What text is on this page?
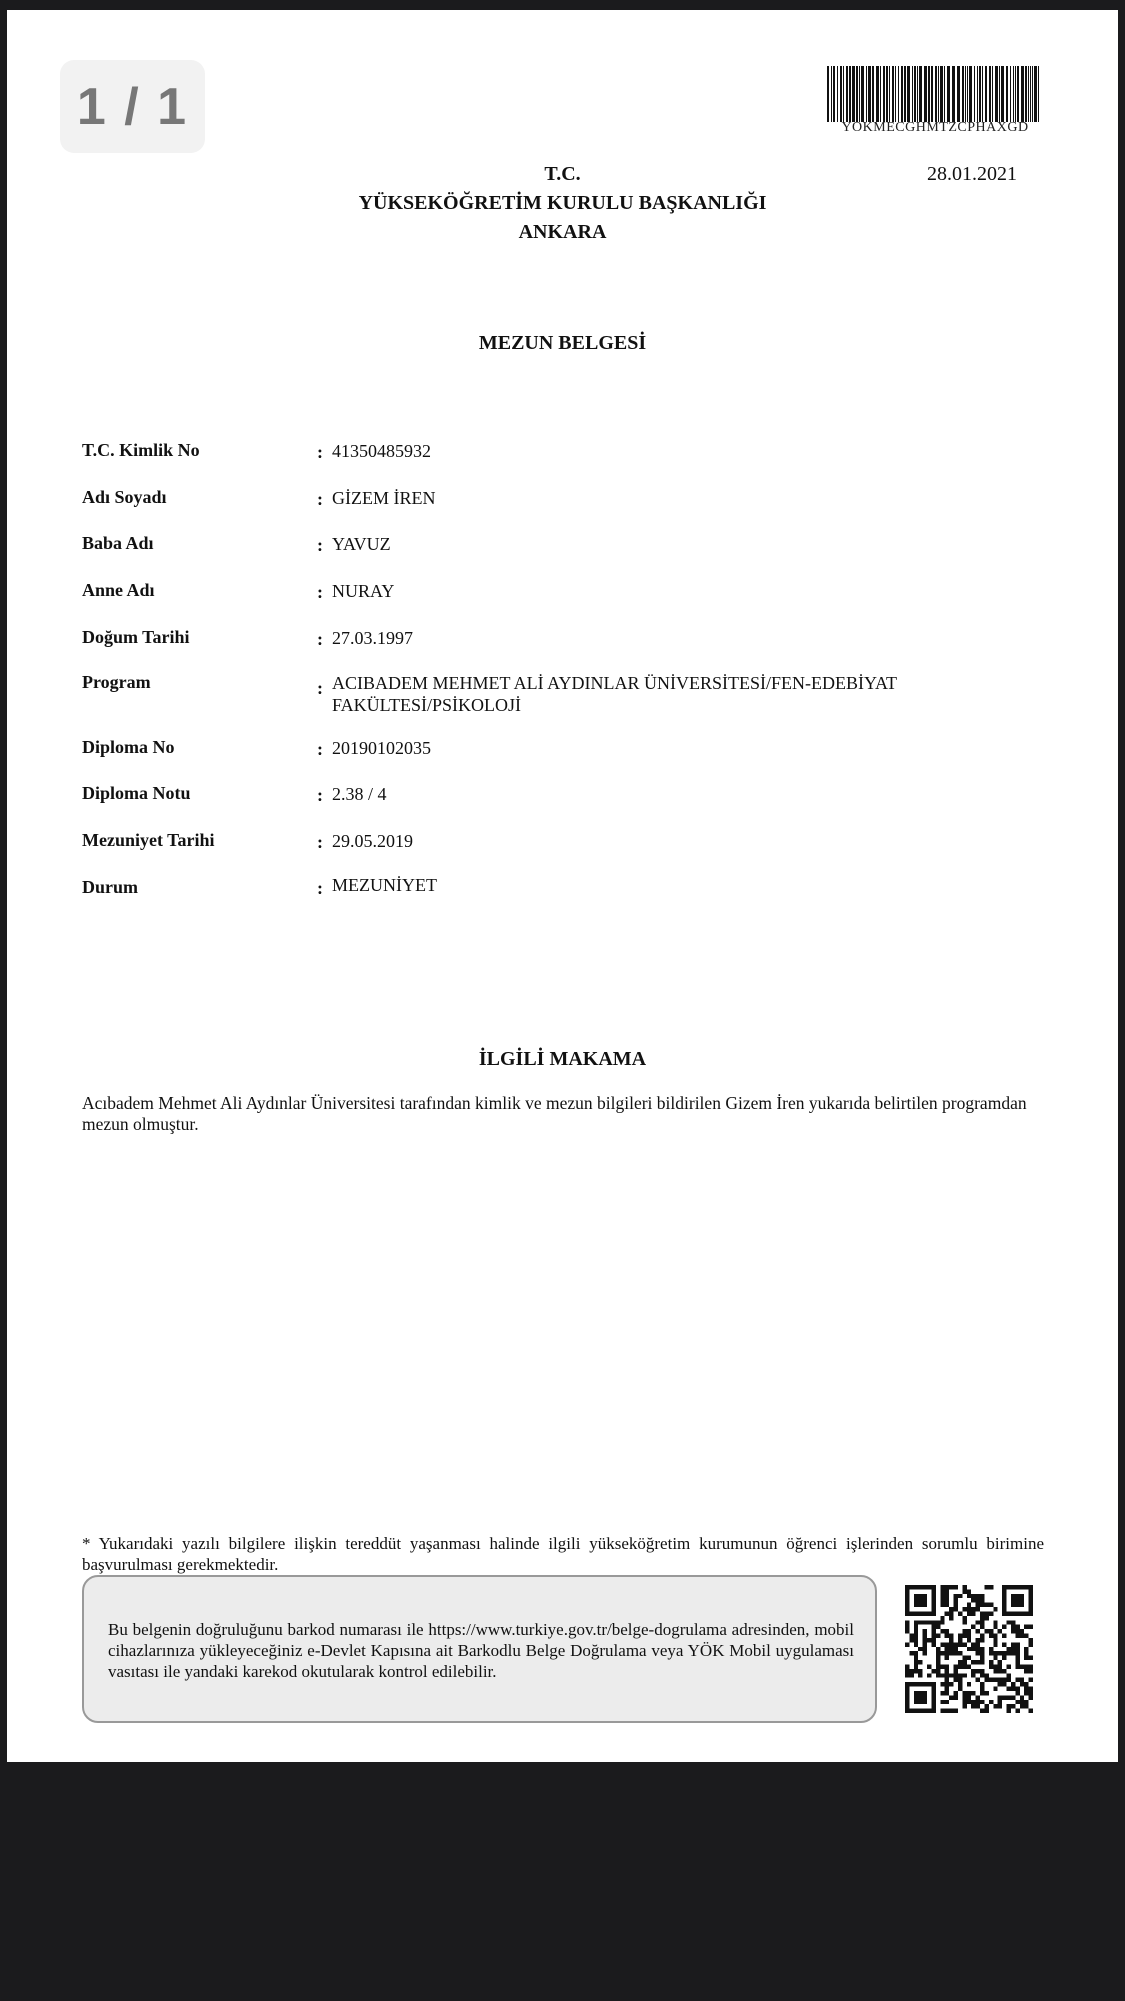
1 / 1	YOKMECGHMTZCPHAXGD
28.01.2021
T.C.
YÜKSEKÖĞRETİM KURULU BAŞKANLIĞI
ANKARA
MEZUN BELGESİ
T.C. Kimlik No	: 41350485932
Adı Soyadı	: GİZEM İREN
Baba Adı	: YAVUZ
Anne Adı	: NURAY
Doğum Tarihi	: 27.03.1997
Program	: ACIBADEM MEHMET ALİ AYDINLAR ÜNİVERSİTESİ/FEN-EDEBİYAT FAKÜLTESİ/PSİKOLOJİ
Diploma No	: 20190102035
Diploma Notu	: 2.38 / 4
Mezuniyet Tarihi	: 29.05.2019
Durum	: MEZUNİYET
İLGİLİ MAKAMA
Acıbadem Mehmet Ali Aydınlar Üniversitesi tarafından kimlik ve mezun bilgileri bildirilen Gizem İren yukarıda belirtilen programdan mezun olmuştur.
* Yukarıdaki yazılı bilgilere ilişkin tereddüt yaşanması halinde ilgili yükseköğretim kurumunun öğrenci işlerinden sorumlu birimine başvurulması gerekmektedir.
Bu belgenin doğruluğunu barkod numarası ile https://www.turkiye.gov.tr/belge-dogrulama adresinden, mobil cihazlarınıza yükleyeceğiniz e-Devlet Kapısına ait Barkodlu Belge Doğrulama veya YÖK Mobil uygulaması vasıtası ile yandaki karekod okutularak kontrol edilebilir.
